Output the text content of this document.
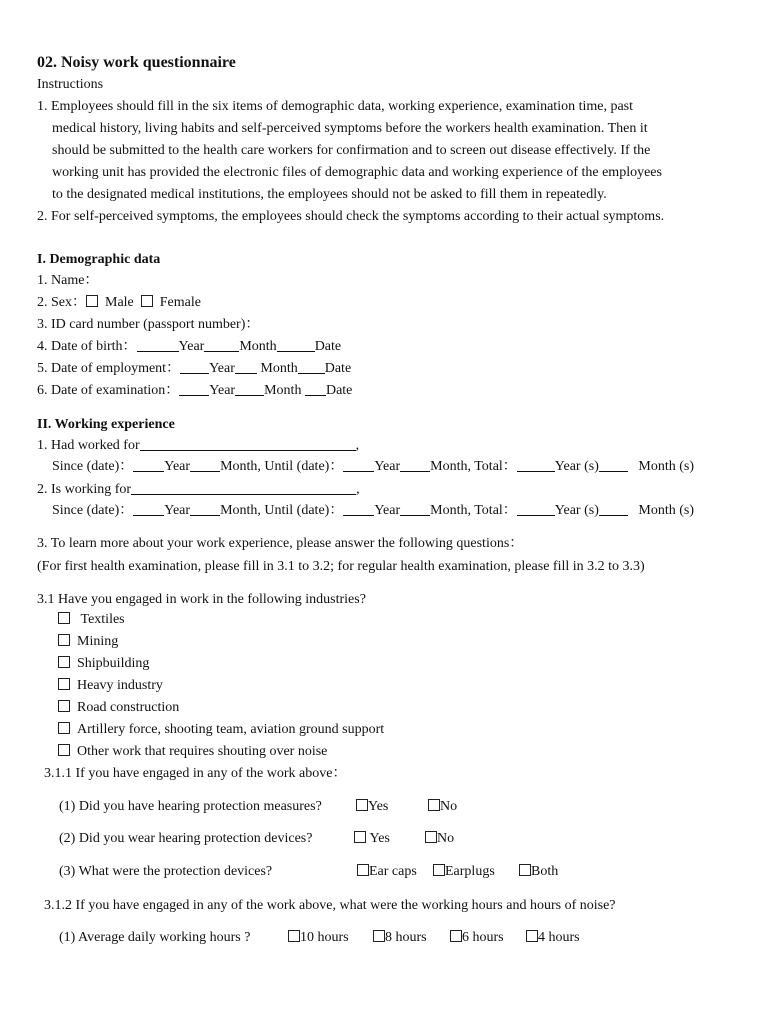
02. Noisy work questionnaire
Instructions
1. Employees should fill in the six items of demographic data, working experience, examination time, past
medical history, living habits and self-perceived symptoms before the workers health examination. Then it
should be submitted to the health care workers for confirmation and to screen out disease effectively. If the
working unit has provided the electronic files of demographic data and working experience of the employees
to the designated medical institutions, the employees should not be asked to fill them in repeatedly.
2. For self-perceived symptoms, the employees should check the symptoms according to their actual symptoms.
I. Demographic data
1. Name：
2. Sex： Male Female
3. ID card number (passport number)：
4. Date of birth：	Year	Month	Date
5. Date of employment： Year Month Date
6. Date of examination： Year Month Date
II. Working experience
1. Had worked for	,
Since (date)： Year Month, Until (date)： Year Month, Total：	Year (s)	Month (s)
2. Is working for	,
Since (date)： Year Month, Until (date)： Year Month, Total：	Year (s)	Month (s)
3. To learn more about your work experience, please answer the following questions：
(For first health examination, please fill in 3.1 to 3.2; for regular health examination, please fill in 3.2 to 3.3)
3.1 Have you engaged in work in the following industries?
Textiles
Mining
Shipbuilding
Heavy industry
Road construction
Artillery force, shooting team, aviation ground support
Other work that requires shouting over noise
3.1.1 If you have engaged in any of the work above：
(1) Did you have hearing protection measures?	Yes	No
(2) Did you wear hearing protection devices?	Yes	No
(3) What were the protection devices?	Ear caps	Earplugs	Both
3.1.2 If you have engaged in any of the work above, what were the working hours and hours of noise?
(1) Average daily working hours ?	10 hours	8 hours	6 hours	4 hours
